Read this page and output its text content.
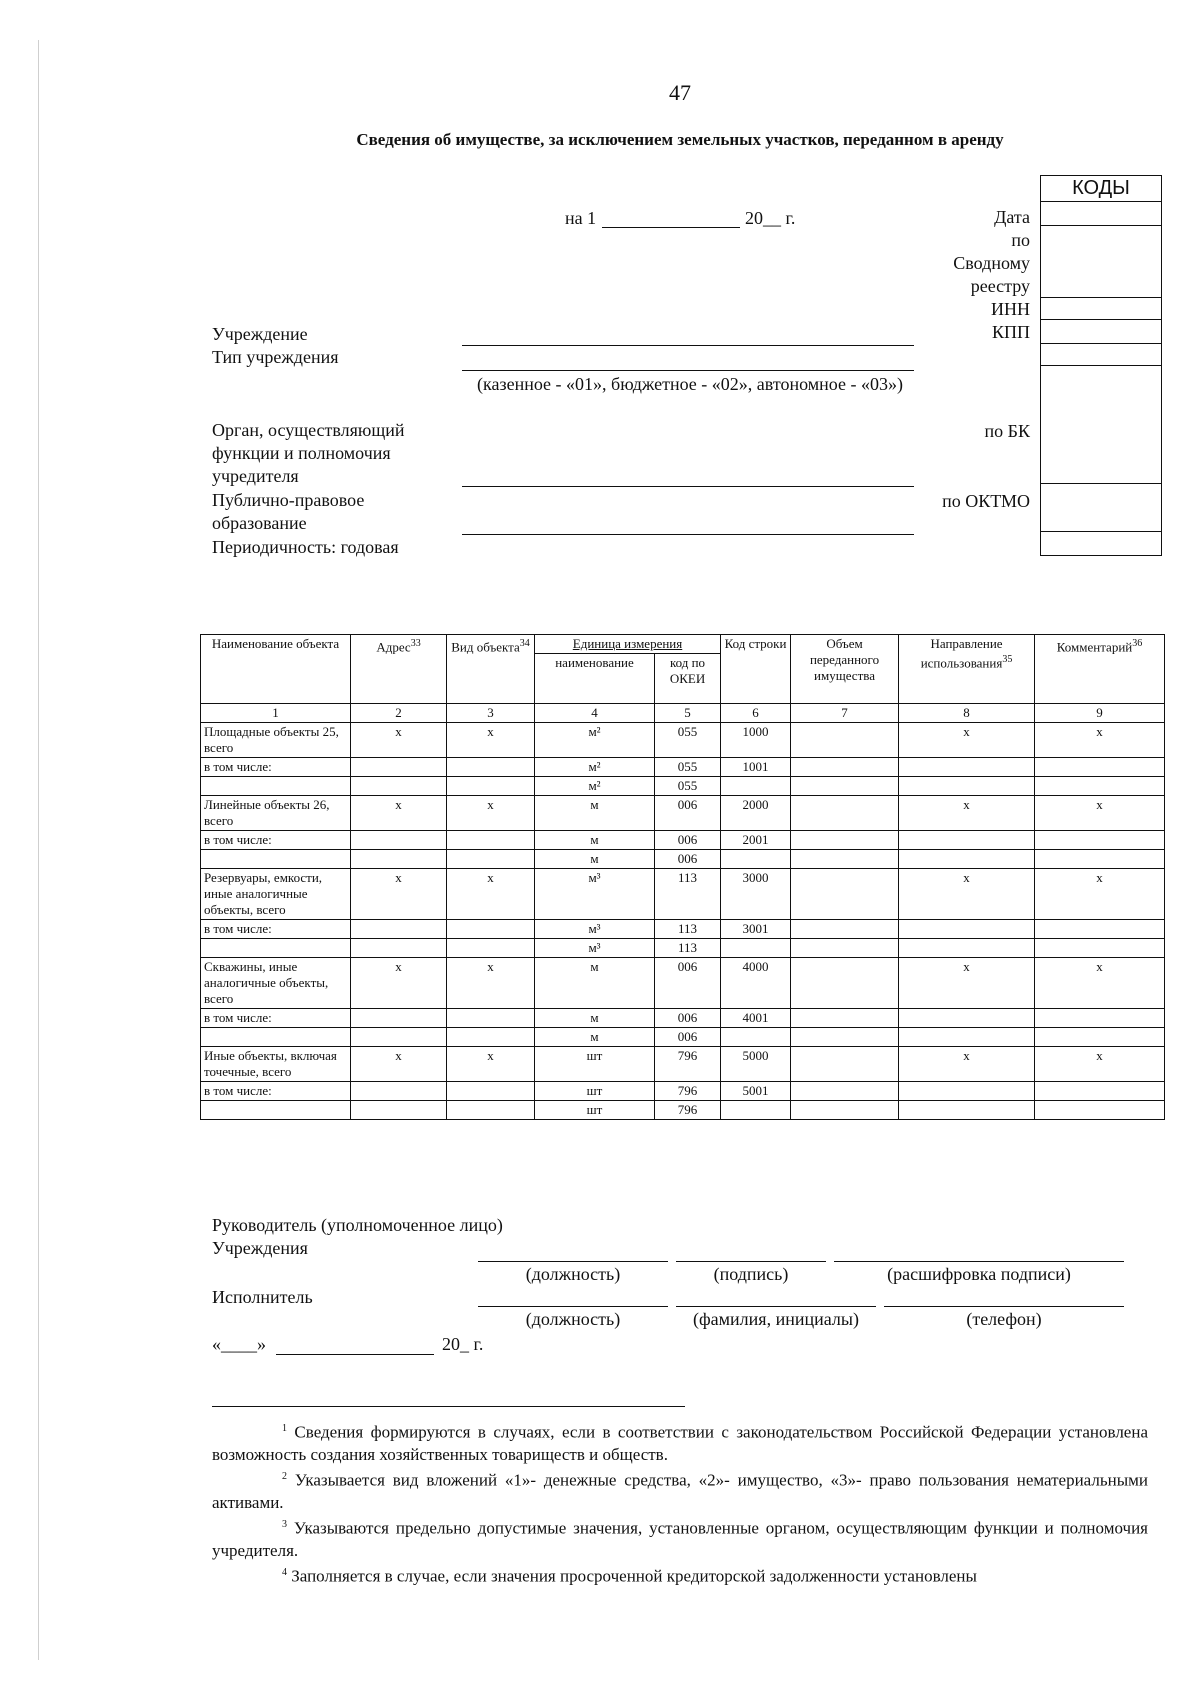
47
Сведения об имуществе, за исключением земельных участков, переданном в аренду
на 1	20__ г.	Дата
по
Сводному
реестру
ИНН
КПП
по БК
по ОКТМО
КОДЫ
Учреждение
Тип учреждения
(казенное - «01», бюджетное - «02», автономное - «03»)
Орган, осуществляющий
функции и полномочия
учредителя
Публично-правовое
образование
Периодичность: годовая
Наименование объекта	Адрес$^{33}$	Вид объекта$^{34}$	Единица измерения		Код строки	Объем переданного имущества	Направление использования$^{35}$	Комментарий$^{36}$
			наименование	код по ОКЕИ				
1	2	3	4	5	6	7	8	9
Площадные объекты 25, всего	x	x	м²	055	1000		x	x
в том числе:			м²	055	1001			
			м²	055				
Линейные объекты 26, всего	x	x	м	006	2000		x	x
в том числе:			м	006	2001			
			м	006				
Резервуары, емкости, иные аналогичные объекты, всего	x	x	м³	113	3000		x	x
в том числе:			м³	113	3001			
			м³	113				
Скважины, иные аналогичные объекты, всего	x	x	м	006	4000		x	x
в том числе:			м	006	4001			
			м	006				
Иные объекты, включая точечные, всего	x	x	шт	796	5000		x	x
в том числе:			шт	796	5001			
			шт	796				
Руководитель (уполномоченное лицо)
Учреждения
(должность)	(подпись)	(расшифровка подписи)
Исполнитель
(должность)	(фамилия, инициалы)	(телефон)
«____»	20_ г.
$^1$ Сведения формируются в случаях, если в соответствии с законодательством Российской Федерации установлена возможность создания хозяйственных товариществ и обществ.
$^2$ Указывается вид вложений «1»- денежные средства, «2»- имущество, «3»- право пользования нематериальными активами.
$^3$ Указываются предельно допустимые значения, установленные органом, осуществляющим функции и полномочия учредителя.
$^4$ Заполняется в случае, если значения просроченной кредиторской задолженности установлены
